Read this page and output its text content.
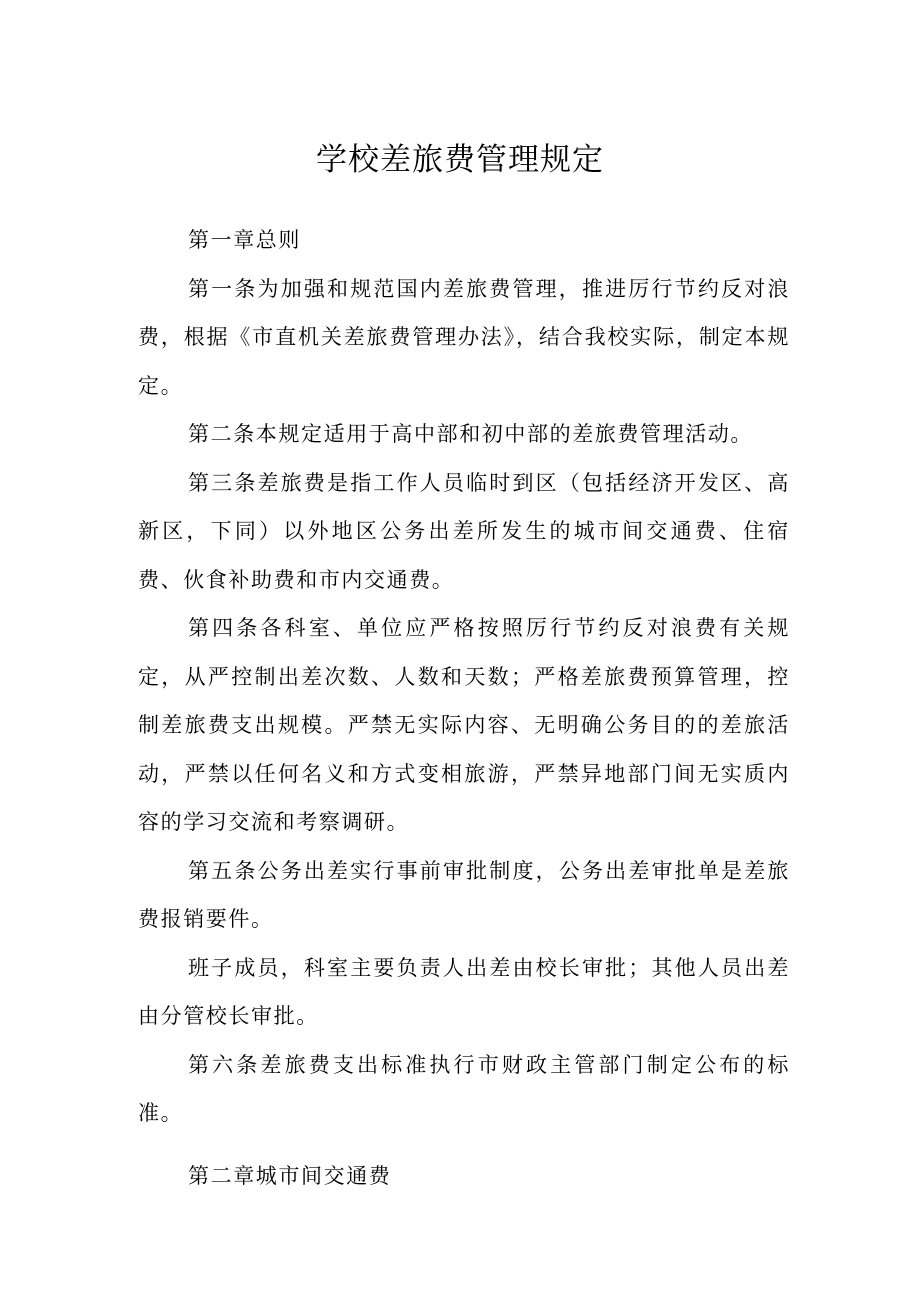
学校差旅费管理规定

第一章总则

第一条为加强和规范国内差旅费管理，推进厉行节约反对浪费，根据《市直机关差旅费管理办法》，结合我校实际，制定本规定。

第二条本规定适用于高中部和初中部的差旅费管理活动。

第三条差旅费是指工作人员临时到区（包括经济开发区、高新区，下同）以外地区公务出差所发生的城市间交通费、住宿费、伙食补助费和市内交通费。

第四条各科室、单位应严格按照厉行节约反对浪费有关规定，从严控制出差次数、人数和天数；严格差旅费预算管理，控制差旅费支出规模。严禁无实际内容、无明确公务目的的差旅活动，严禁以任何名义和方式变相旅游，严禁异地部门间无实质内容的学习交流和考察调研。

第五条公务出差实行事前审批制度，公务出差审批单是差旅费报销要件。

班子成员，科室主要负责人出差由校长审批；其他人员出差由分管校长审批。

第六条差旅费支出标准执行市财政主管部门制定公布的标准。

第二章城市间交通费
